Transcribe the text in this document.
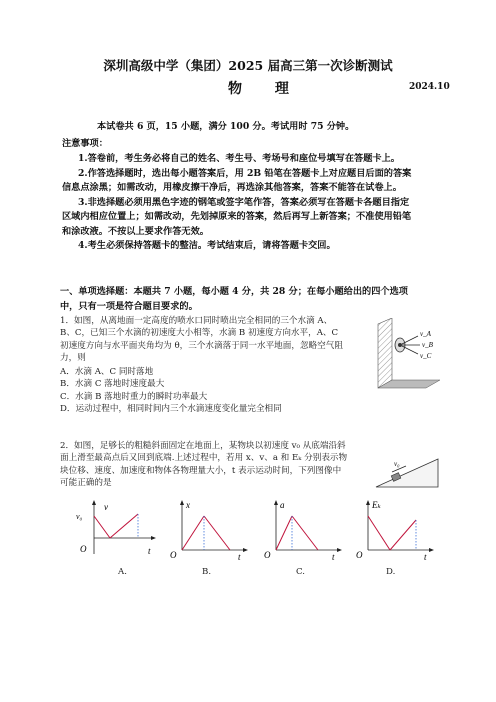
深圳高级中学（集团）2025 届高三第一次诊断测试
物 理	2024.10
本试卷共 6 页，15 小题，满分 100 分。考试用时 75 分钟。
注意事项：
1.答卷前，考生务必将自己的姓名、考生号、考场号和座位号填写在答题卡上。
2.作答选择题时，选出每小题答案后，用 2B 铅笔在答题卡上对应题目后面的答案
信息点涂黑；如需改动，用橡皮擦干净后，再选涂其他答案，答案不能答在试卷上。
3.非选择题必须用黑色字迹的钢笔或签字笔作答，答案必须写在答题卡各题目指定
区域内相应位置上；如需改动，先划掉原来的答案，然后再写上新答案；不准使用铅笔
和涂改液。不按以上要求作答无效。
4.考生必须保持答题卡的整洁。考试结束后，请将答题卡交回。
一、单项选择题：本题共 7 小题，每小题 4 分，共 28 分；在每小题给出的四个选项
中，只有一项是符合题目要求的。
1．如图，从离地面一定高度的喷水口同时喷出完全相同的三个水滴 A、
B、C，已知三个水滴的初速度大小相等，水滴 B 初速度方向水平，A、C
初速度方向与水平面夹角均为 θ，三个水滴落于同一水平地面，忽略空气阻
力，则
A．水滴 A、C 同时落地
B．水滴 C 落地时速度最大
C．水滴 B 落地时重力的瞬时功率最大
D．运动过程中，相同时间内三个水滴速度变化量完全相同
v_A
v_B
v_C
2．如图，足够长的粗糙斜面固定在地面上，某物块以初速度 v₀ 从底端沿斜
面上滑至最高点后又回到底端.上述过程中，若用 x、v、a 和 Eₖ 分别表示物
块位移、速度、加速度和物体各物理量大小，t 表示运动时间，下列图像中
可能正确的是
v₀
v
v₀
O	t
x
O	t
a
O	t
Eₖ
O	t
A.	B.	C.	D.
